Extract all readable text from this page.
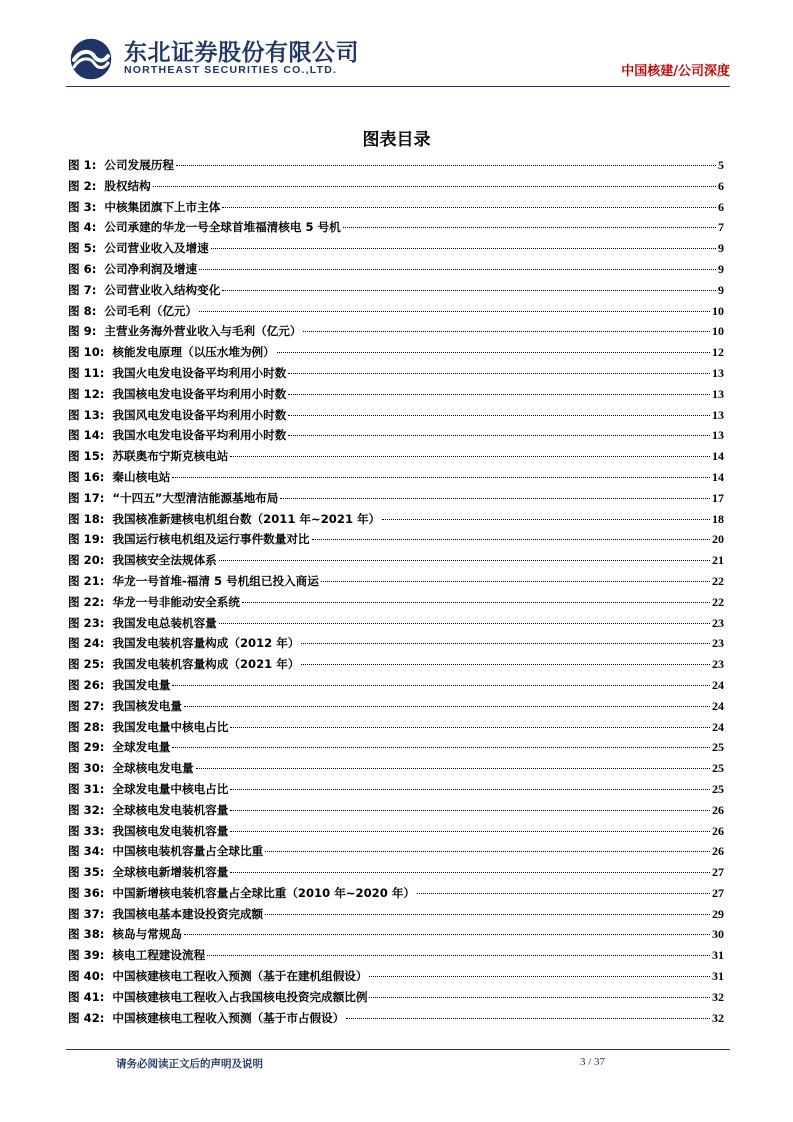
东北证券股份有限公司
NORTHEAST SECURITIES CO.,LTD.	中国核建/公司深度
图表目录
图 1: 公司发展历程	5
图 2: 股权结构	6
图 3: 中核集团旗下上市主体	6
图 4: 公司承建的华龙一号全球首堆福清核电 5 号机	7
图 5: 公司营业收入及增速	9
图 6: 公司净利润及增速	9
图 7: 公司营业收入结构变化	9
图 8: 公司毛利（亿元）	10
图 9: 主营业务海外营业收入与毛利（亿元）	10
图 10: 核能发电原理（以压水堆为例）	12
图 11: 我国火电发电设备平均利用小时数	13
图 12: 我国核电发电设备平均利用小时数	13
图 13: 我国风电发电设备平均利用小时数	13
图 14: 我国水电发电设备平均利用小时数	13
图 15: 苏联奥布宁斯克核电站	14
图 16: 秦山核电站	14
图 17: “十四五”大型清洁能源基地布局	17
图 18: 我国核准新建核电机组台数（2011 年~2021 年）	18
图 19: 我国运行核电机组及运行事件数量对比	20
图 20: 我国核安全法规体系	21
图 21: 华龙一号首堆-福清 5 号机组已投入商运	22
图 22: 华龙一号非能动安全系统	22
图 23: 我国发电总装机容量	23
图 24: 我国发电装机容量构成（2012 年）	23
图 25: 我国发电装机容量构成（2021 年）	23
图 26: 我国发电量	24
图 27: 我国核发电量	24
图 28: 我国发电量中核电占比	24
图 29: 全球发电量	25
图 30: 全球核电发电量	25
图 31: 全球发电量中核电占比	25
图 32: 全球核电发电装机容量	26
图 33: 我国核电发电装机容量	26
图 34: 中国核电装机容量占全球比重	26
图 35: 全球核电新增装机容量	27
图 36: 中国新增核电装机容量占全球比重（2010 年~2020 年）	27
图 37: 我国核电基本建设投资完成额	29
图 38: 核岛与常规岛	30
图 39: 核电工程建设流程	31
图 40: 中国核建核电工程收入预测（基于在建机组假设）	31
图 41: 中国核建核电工程收入占我国核电投资完成额比例	32
图 42: 中国核建核电工程收入预测（基于市占假设）	32
请务必阅读正文后的声明及说明	3 / 37
